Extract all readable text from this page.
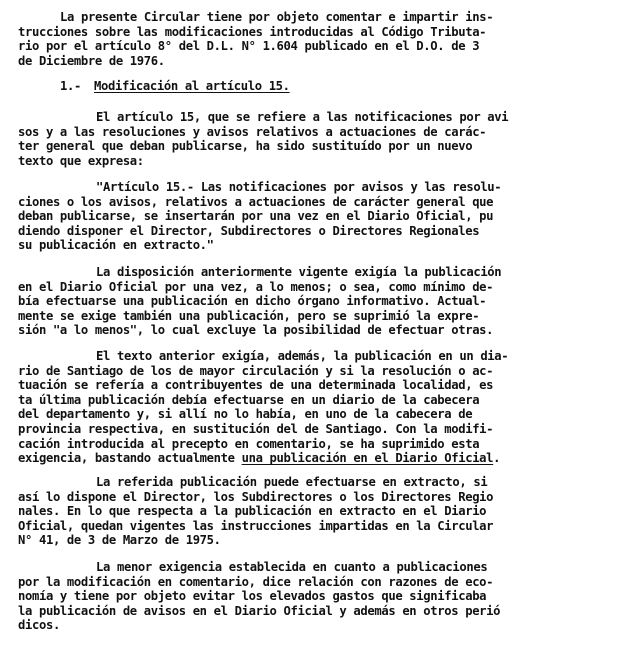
La presente Circular tiene por objeto comentar e impartir ins-
trucciones sobre las modificaciones introducidas al Código Tributa-
rio por el artículo 8° del D.L. N° 1.604 publicado en el D.O. de 3
de Diciembre de 1976.
1.- Modificación al artículo 15.
El artículo 15, que se refiere a las notificaciones por avi
sos y a las resoluciones y avisos relativos a actuaciones de carác-
ter general que deban publicarse, ha sido sustituído por un nuevo
texto que expresa:
"Artículo 15.- Las notificaciones por avisos y las resolu-
ciones o los avisos, relativos a actuaciones de carácter general que
deban publicarse, se insertarán por una vez en el Diario Oficial, pu
diendo disponer el Director, Subdirectores o Directores Regionales
su publicación en extracto."
La disposición anteriormente vigente exigía la publicación
en el Diario Oficial por una vez, a lo menos; o sea, como mínimo de-
bía efectuarse una publicación en dicho órgano informativo. Actual-
mente se exige también una publicación, pero se suprimió la expre-
sión "a lo menos", lo cual excluye la posibilidad de efectuar otras.
El texto anterior exigía, además, la publicación en un dia-
rio de Santiago de los de mayor circulación y si la resolución o ac-
tuación se refería a contribuyentes de una determinada localidad, es
ta última publicación debía efectuarse en un diario de la cabecera
del departamento y, si allí no lo había, en uno de la cabecera de
provincia respectiva, en sustitución del de Santiago. Con la modifi-
cación introducida al precepto en comentario, se ha suprimido esta
exigencia, bastando actualmente una publicación en el Diario Oficial.
La referida publicación puede efectuarse en extracto, si
así lo dispone el Director, los Subdirectores o los Directores Regio
nales. En lo que respecta a la publicación en extracto en el Diario
Oficial, quedan vigentes las instrucciones impartidas en la Circular
N° 41, de 3 de Marzo de 1975.
La menor exigencia establecida en cuanto a publicaciones
por la modificación en comentario, dice relación con razones de eco-
nomía y tiene por objeto evitar los elevados gastos que significaba
la publicación de avisos en el Diario Oficial y además en otros perió
dicos.
